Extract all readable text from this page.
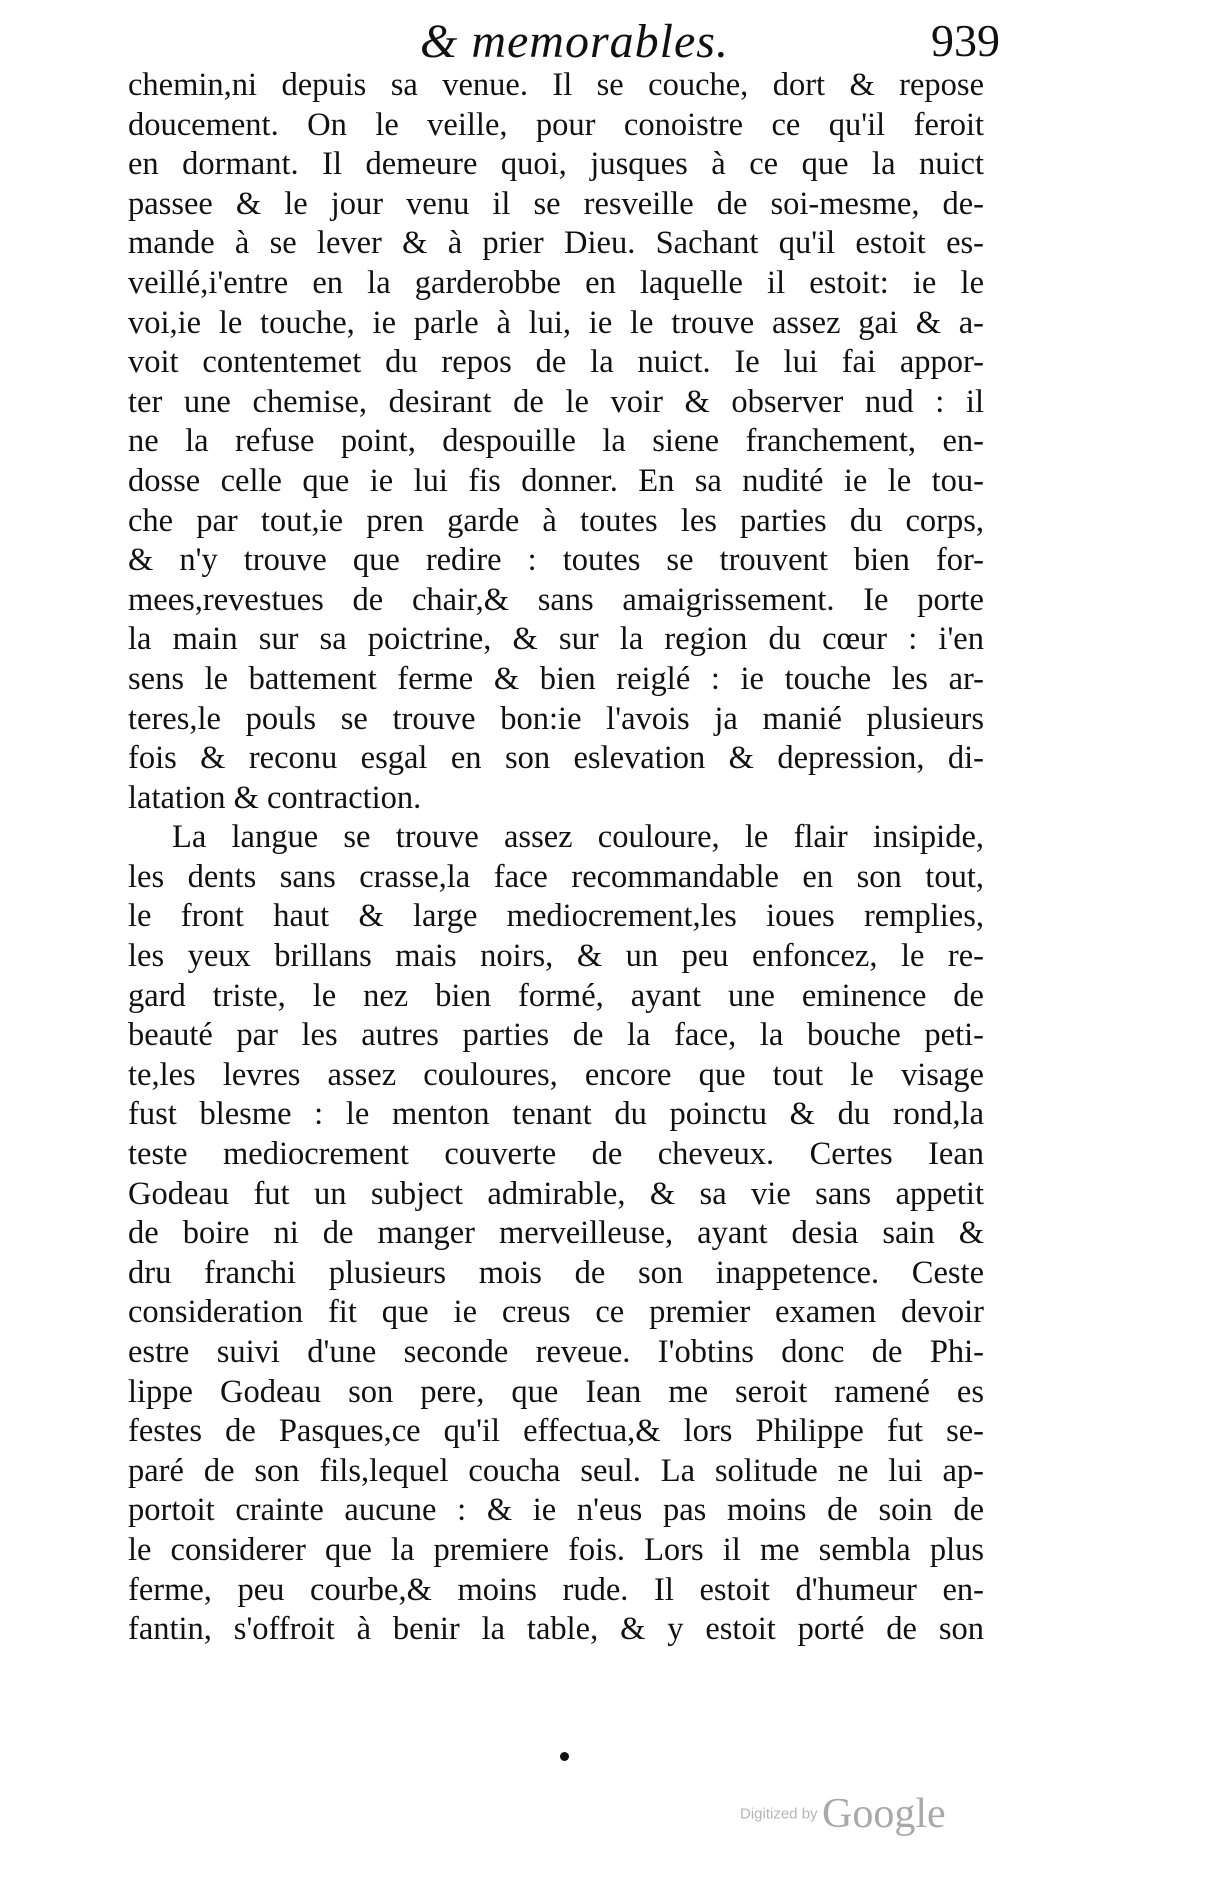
& memorables.	939
chemin,ni depuis sa venue. Il se couche, dort & repose
doucement. On le veille, pour conoistre ce qu'il feroit
en dormant. Il demeure quoi, jusques à ce que la nuict
passee & le jour venu il se resveille de soi-mesme, de-
mande à se lever & à prier Dieu. Sachant qu'il estoit es-
veillé,i'entre en la garderobbe en laquelle il estoit: ie le
voi,ie le touche, ie parle à lui, ie le trouve assez gai & a-
voit contentemet du repos de la nuict. Ie lui fai appor-
ter une chemise, desirant de le voir & observer nud : il
ne la refuse point, despouille la siene franchement, en-
dosse celle que ie lui fis donner. En sa nudité ie le tou-
che par tout,ie pren garde à toutes les parties du corps,
& n'y trouve que redire : toutes se trouvent bien for-
mees,revestues de chair,& sans amaigrissement. Ie porte
la main sur sa poictrine, & sur la region du cœur : i'en
sens le battement ferme & bien reiglé : ie touche les ar-
teres,le pouls se trouve bon:ie l'avois ja manié plusieurs
fois & reconu esgal en son eslevation & depression, di-
latation & contraction.
La langue se trouve assez couloure, le flair insipide,
les dents sans crasse,la face recommandable en son tout,
le front haut & large mediocrement,les ioues remplies,
les yeux brillans mais noirs, & un peu enfoncez, le re-
gard triste, le nez bien formé, ayant une eminence de
beauté par les autres parties de la face, la bouche peti-
te,les levres assez couloures, encore que tout le visage
fust blesme : le menton tenant du poinctu & du rond,la
teste mediocrement couverte de cheveux. Certes Iean
Godeau fut un subject admirable, & sa vie sans appetit
de boire ni de manger merveilleuse, ayant desia sain &
dru franchi plusieurs mois de son inappetence. Ceste
consideration fit que ie creus ce premier examen devoir
estre suivi d'une seconde reveue. I'obtins donc de Phi-
lippe Godeau son pere, que Iean me seroit ramené es
festes de Pasques,ce qu'il effectua,& lors Philippe fut se-
paré de son fils,lequel coucha seul. La solitude ne lui ap-
portoit crainte aucune : & ie n'eus pas moins de soin de
le considerer que la premiere fois. Lors il me sembla plus
ferme, peu courbe,& moins rude. Il estoit d'humeur en-
fantin, s'offroit à benir la table, & y estoit porté de son
Digitized by Google
